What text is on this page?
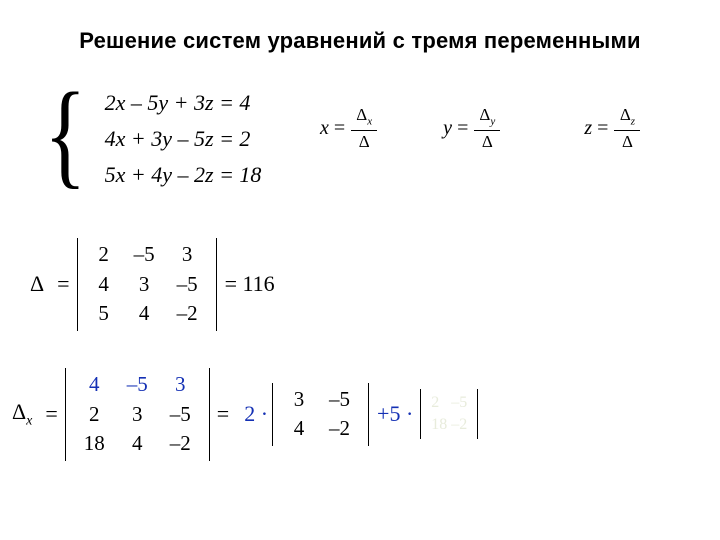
Решение систем уравнений с тремя переменными
{ 2x – 5y + 3z = 4
4x + 3y – 5z = 2
5x + 4y – 2z = 18
$x = \frac{\Delta_x}{\Delta}$	$y = \frac{\Delta_y}{\Delta}$	$z = \frac{\Delta_z}{\Delta}$
Δ =
2	–5	3
4	3	–5
5	4	–2
= 116
$\Delta_x$ =
4	–5	3
2	3	–5
18	4	–2
= 2 ·
3	–5
4	–2
+5 · 2	–5
18	–2
